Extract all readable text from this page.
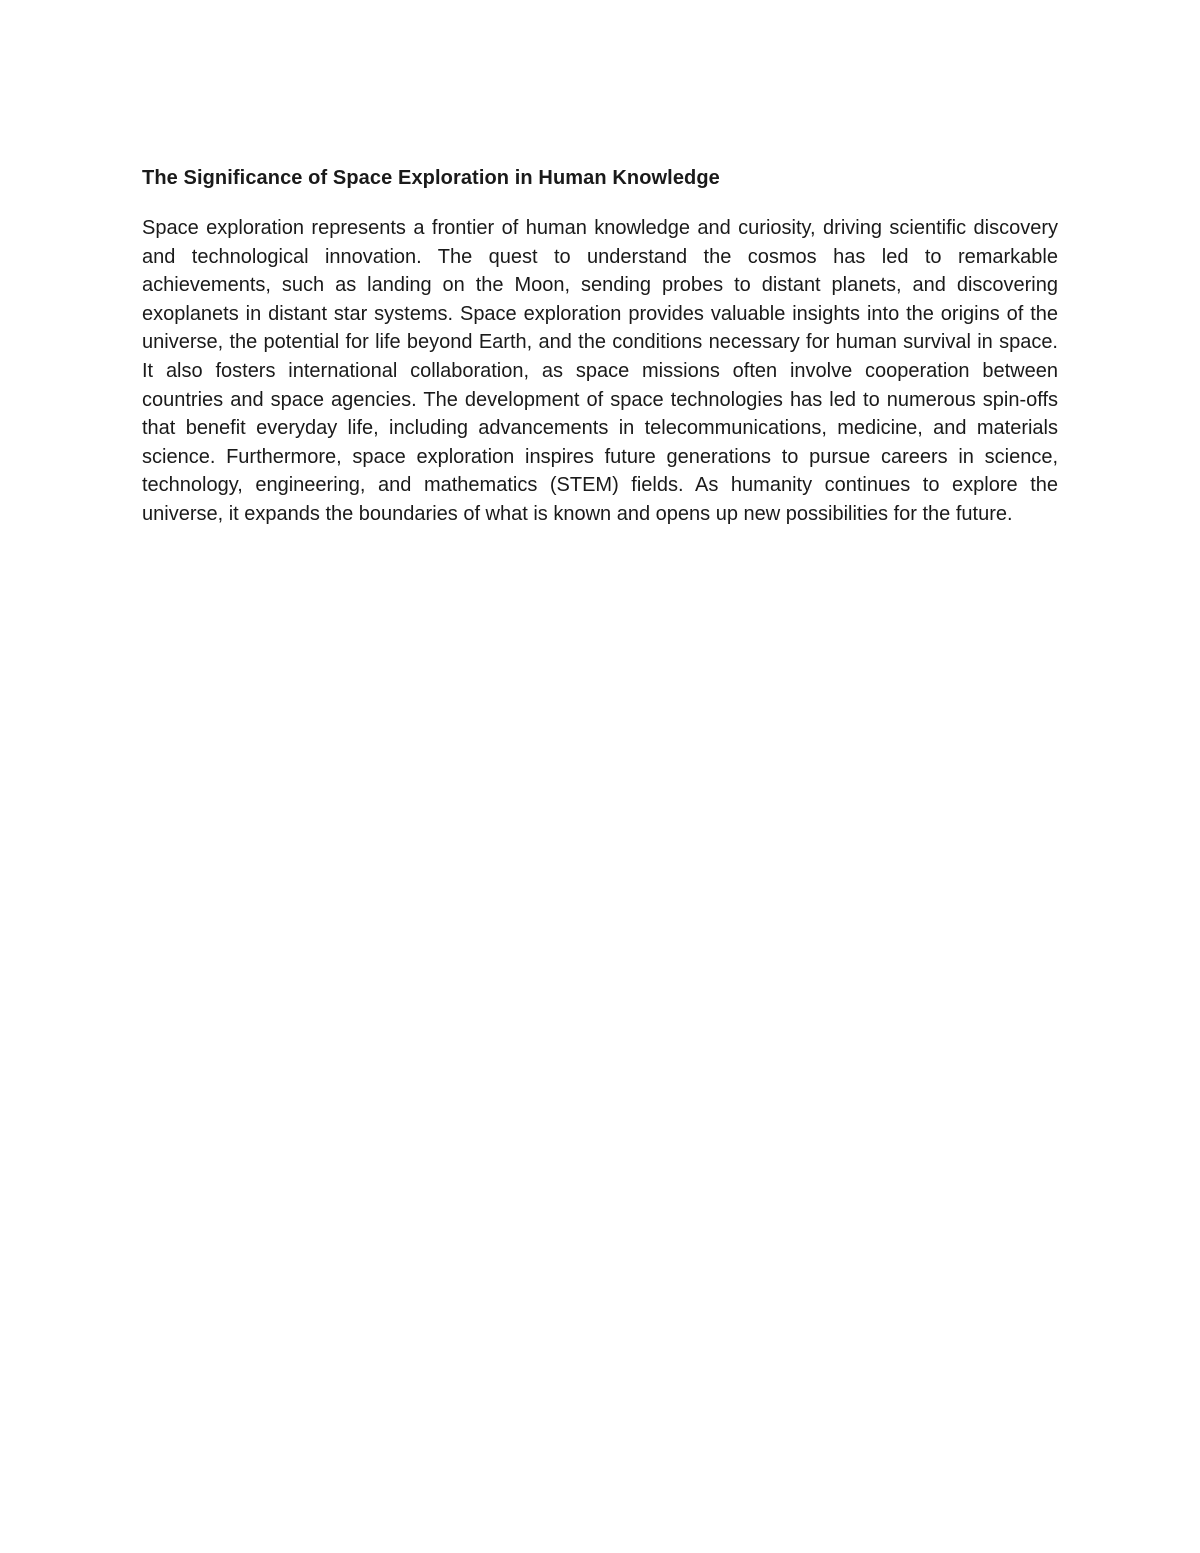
The Significance of Space Exploration in Human Knowledge

Space exploration represents a frontier of human knowledge and curiosity, driving scientific discovery and technological innovation. The quest to understand the cosmos has led to remarkable achievements, such as landing on the Moon, sending probes to distant planets, and discovering exoplanets in distant star systems. Space exploration provides valuable insights into the origins of the universe, the potential for life beyond Earth, and the conditions necessary for human survival in space. It also fosters international collaboration, as space missions often involve cooperation between countries and space agencies. The development of space technologies has led to numerous spin-offs that benefit everyday life, including advancements in telecommunications, medicine, and materials science. Furthermore, space exploration inspires future generations to pursue careers in science, technology, engineering, and mathematics (STEM) fields. As humanity continues to explore the universe, it expands the boundaries of what is known and opens up new possibilities for the future.
